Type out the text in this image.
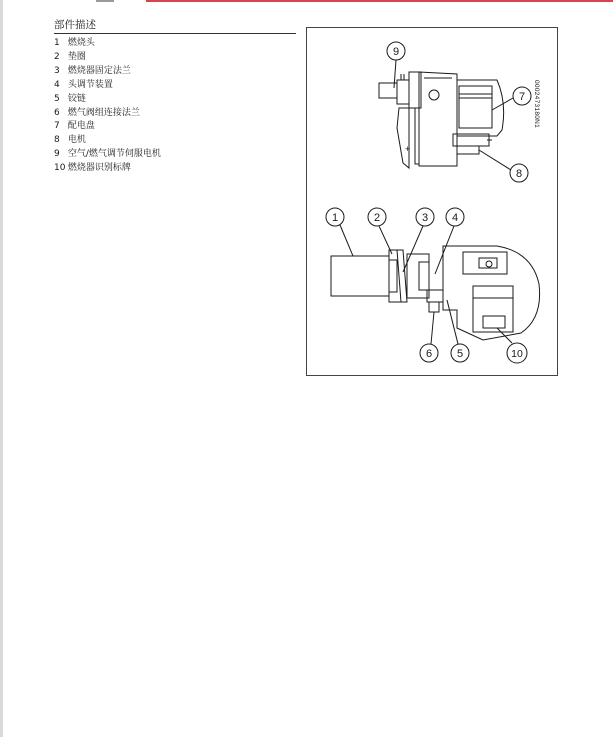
部件描述
1 燃烧头
2 垫圈
3 燃烧器固定法兰
4 头调节装置
5 铰链
6 燃气阀组连接法兰
7 配电盘
8 电机
9 空气/燃气调节伺服电机
10 燃烧器识别标牌
0002473180N1
+
9
7
8
1	2	3 4
6 5	10
